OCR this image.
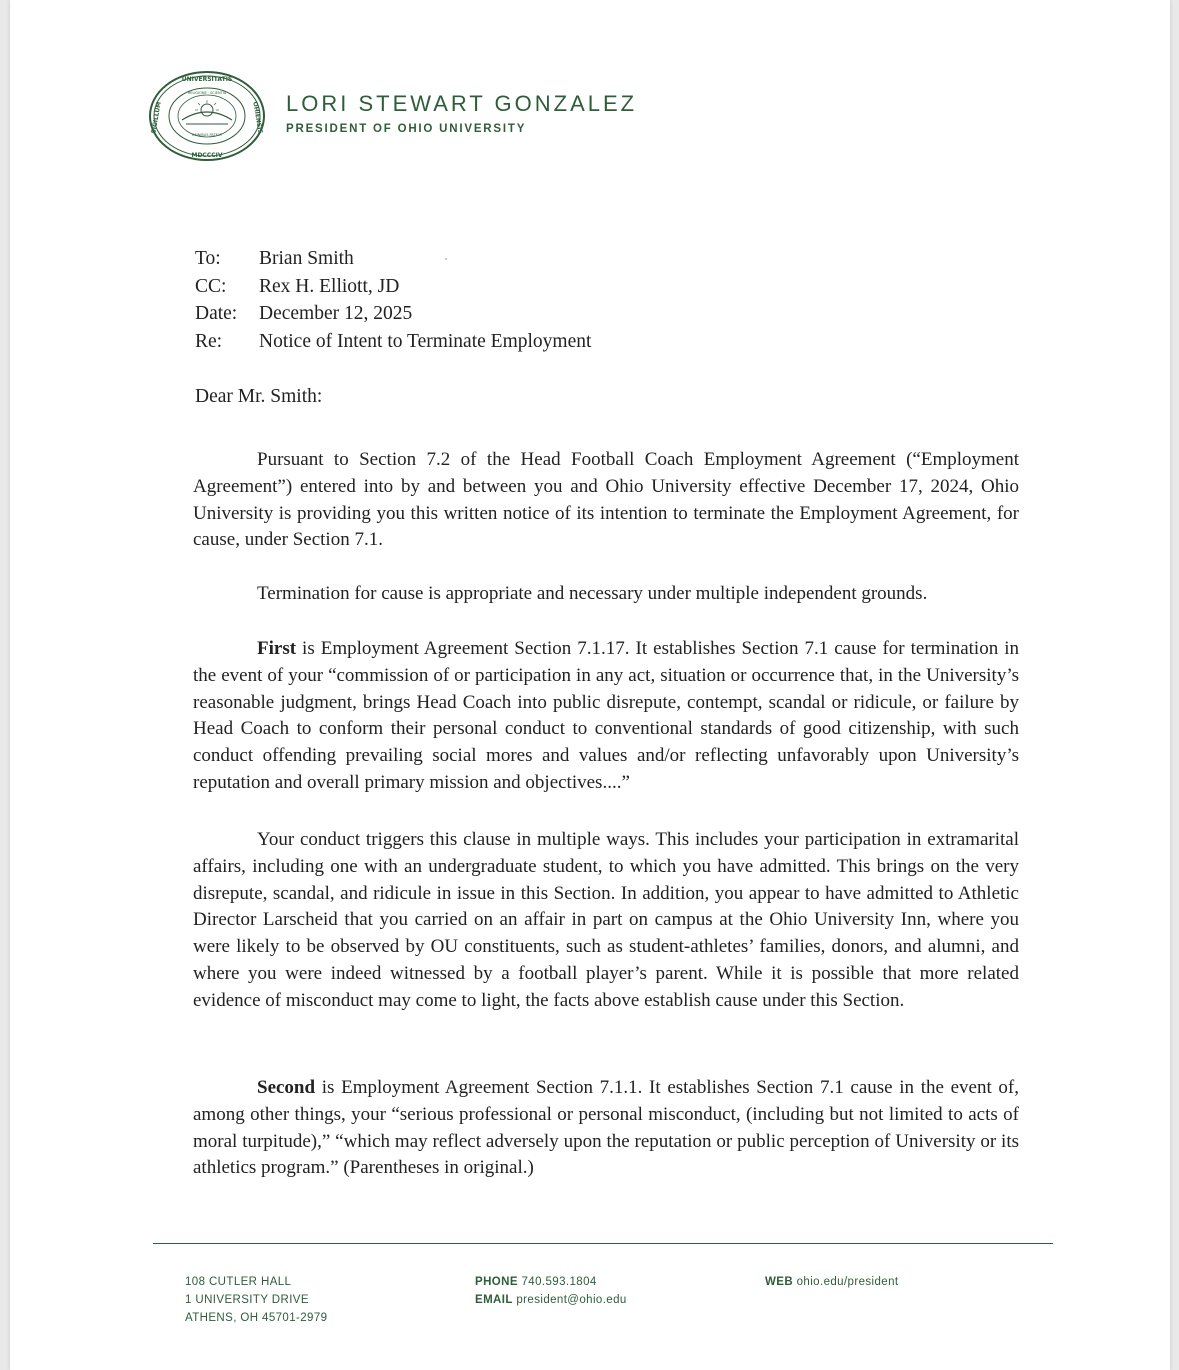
UNIVERSITATIS
MDCCCIV
SIGILLUM	OHIENSIS
RELIGIONE · SCIENTIA
OMNIBUS PATEAT
LORI STEWART GONZALEZ
PRESIDENT OF OHIO UNIVERSITY
To: Brian Smith
CC: Rex H. Elliott, JD
Date: December 12, 2025
Re: Notice of Intent to Terminate Employment
Dear Mr. Smith:

Pursuant to Section 7.2 of the Head Football Coach Employment Agreement (“Employment Agreement”) entered into by and between you and Ohio University effective December 17, 2024, Ohio University is providing you this written notice of its intention to terminate the Employment Agreement, for cause, under Section 7.1.

Termination for cause is appropriate and necessary under multiple independent grounds.

First is Employment Agreement Section 7.1.17. It establishes Section 7.1 cause for termination in the event of your “commission of or participation in any act, situation or occurrence that, in the University’s reasonable judgment, brings Head Coach into public disrepute, contempt, scandal or ridicule, or failure by Head Coach to conform their personal conduct to conventional standards of good citizenship, with such conduct offending prevailing social mores and values and/or reflecting unfavorably upon University’s reputation and overall primary mission and objectives....”

Your conduct triggers this clause in multiple ways. This includes your participation in extramarital affairs, including one with an undergraduate student, to which you have admitted. This brings on the very disrepute, scandal, and ridicule in issue in this Section. In addition, you appear to have admitted to Athletic Director Larscheid that you carried on an affair in part on campus at the Ohio University Inn, where you were likely to be observed by OU constituents, such as student-athletes’ families, donors, and alumni, and where you were indeed witnessed by a football player’s parent. While it is possible that more related evidence of misconduct may come to light, the facts above establish cause under this Section.

Second is Employment Agreement Section 7.1.1. It establishes Section 7.1 cause in the event of, among other things, your “serious professional or personal misconduct, (including but not limited to acts of moral turpitude),” “which may reflect adversely upon the reputation or public perception of University or its athletics program.” (Parentheses in original.)

108 CUTLER HALL
1 UNIVERSITY DRIVE
ATHENS, OH 45701-2979
PHONE 740.593.1804
EMAIL president@ohio.edu
WEB ohio.edu/president
